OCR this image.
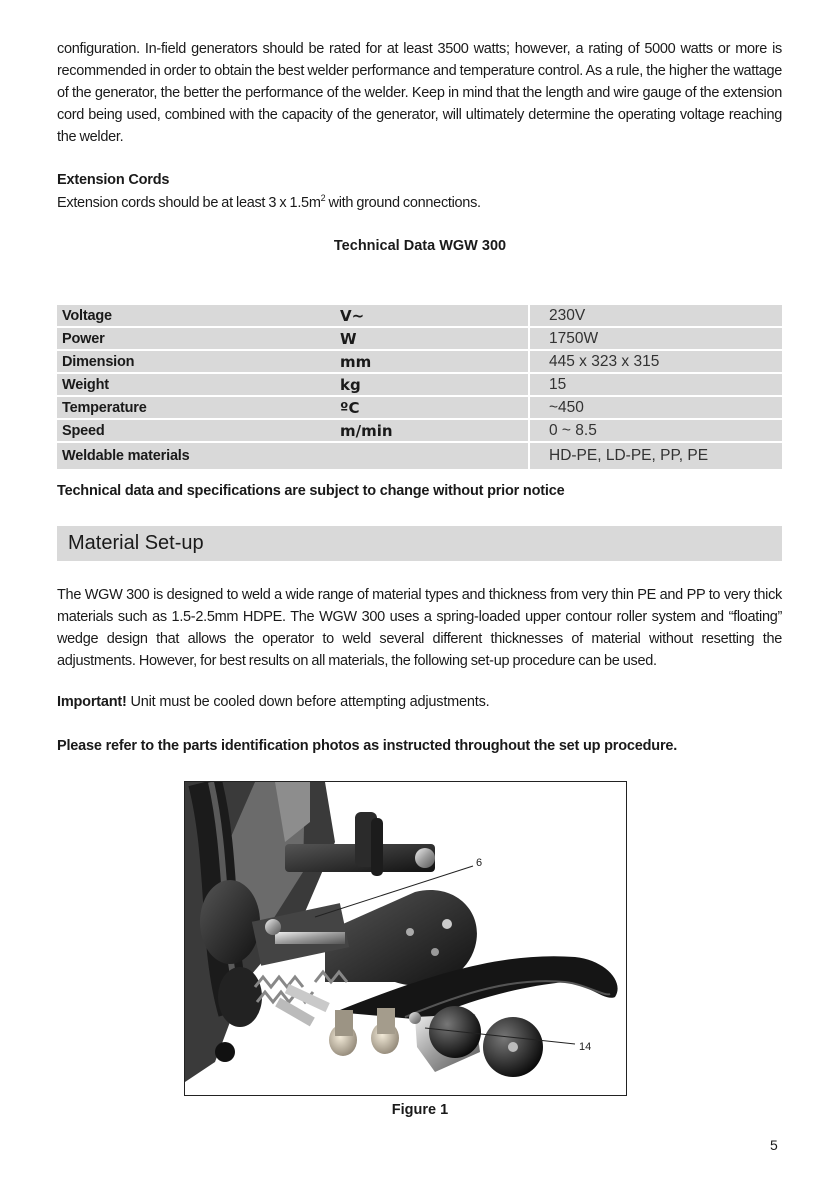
configuration. In-field generators should be rated for at least 3500 watts; however, a rating of 5000 watts or more is recommended in order to obtain the best welder performance and temperature control. As a rule, the higher the wattage of the generator, the better the performance of the welder. Keep in mind that the length and wire gauge of the extension cord being used, combined with the capacity of the generator, will ultimately determine the operating voltage reaching the welder.
Extension Cords
Extension cords should be at least 3 x $1.5m^2$ with ground connections.
Technical Data WGW 300
Voltage	V~		230V
Power	W		1750W
Dimension	mm		445 x 323 x 315
Weight	kg		15
Temperature	ºC		~450
Speed	m/min		0 ~ 8.5
Weldable materials			HD-PE, LD-PE, PP, PE
Technical data and specifications are subject to change without prior notice
Material Set-up
The WGW 300 is designed to weld a wide range of material types and thickness from very thin PE and PP to very thick materials such as 1.5-2.5mm HDPE. The WGW 300 uses a spring-loaded upper contour roller system and “floating” wedge design that allows the operator to weld several different thicknesses of material without resetting the adjustments. However, for best results on all materials, the following set-up procedure can be used.
Important! Unit must be cooled down before attempting adjustments.
Please refer to the parts identification photos as instructed throughout the set up procedure.
6
14
Figure 1
5
